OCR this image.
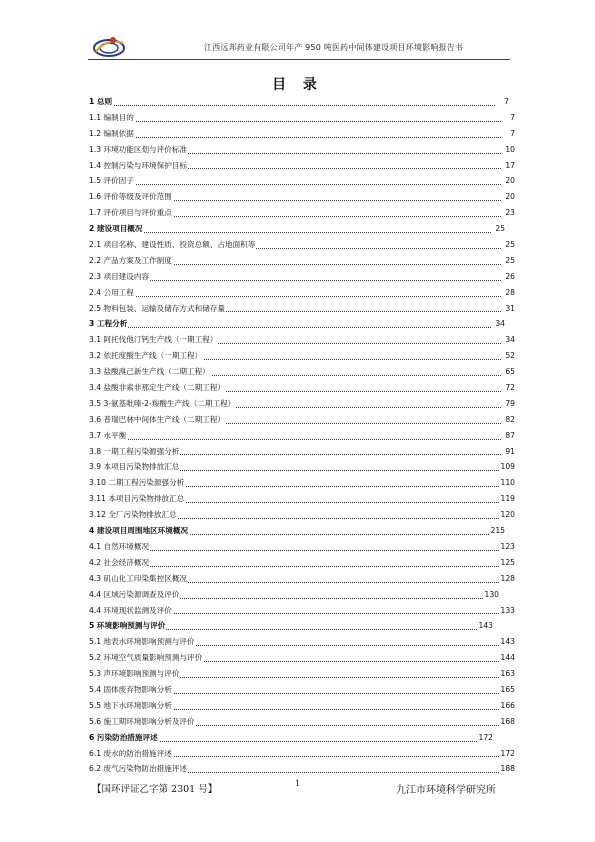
江西远邦药业有限公司年产 950 吨医药中间体建设项目环境影响报告书
目 录
1 总则	7
1.1 编制目的	7
1.2 编制依据	7
1.3 环境功能区划与评价标准	10
1.4 控制污染与环境保护目标	17
1.5 评价因子	20
1.6 评价等级及评价范围	20
1.7 评价项目与评价重点	23
2 建设项目概况	25
2.1 项目名称、建设性质、投资总额、占地面积等	25
2.2 产品方案及工作制度	25
2.3 项目建设内容	26
2.4 公用工程	28
2.5 物料包装、运输及储存方式和储存量	31
3 工程分析	34
3.1 阿托伐他汀钙生产线（一期工程）	34
3.2 依托度酸生产线（一期工程）	52
3.3 盐酸溴己新生产线（二期工程）	65
3.4 盐酸非索非那定生产线（二期工程）	72
3.5 3-氨基吡嗪-2-羧酸生产线（二期工程）	79
3.6 普瑞巴林中间体生产线（二期工程）	82
3.7 水平衡	87
3.8 一期工程污染源强分析	91
3.9 本项目污染物排放汇总	109
3.10 二期工程污染源强分析	110
3.11 本项目污染物排放汇总	119
3.12 全厂污染物排放汇总	120
4 建设项目周围地区环境概况	215
4.1 自然环境概况	123
4.2 社会经济概况	125
4.3 矶山化工印染集控区概况	128
4.4 区域污染源调查及评价	130
4.4 环境现状监测及评价	133
5 环境影响预测与评价	143
5.1 地表水环境影响预测与评价	143
5.2 环境空气质量影响预测与评价	144
5.3 声环境影响预测与评价	163
5.4 固体废弃物影响分析	165
5.5 地下水环境影响分析	166
5.6 施工期环境影响分析及评价	168
6 污染防治措施评述	172
6.1 废水的防治措施评述	172
6.2 废气污染物防治措施评述	188
【国环评证乙字第 2301 号】
1
九江市环境科学研究所
